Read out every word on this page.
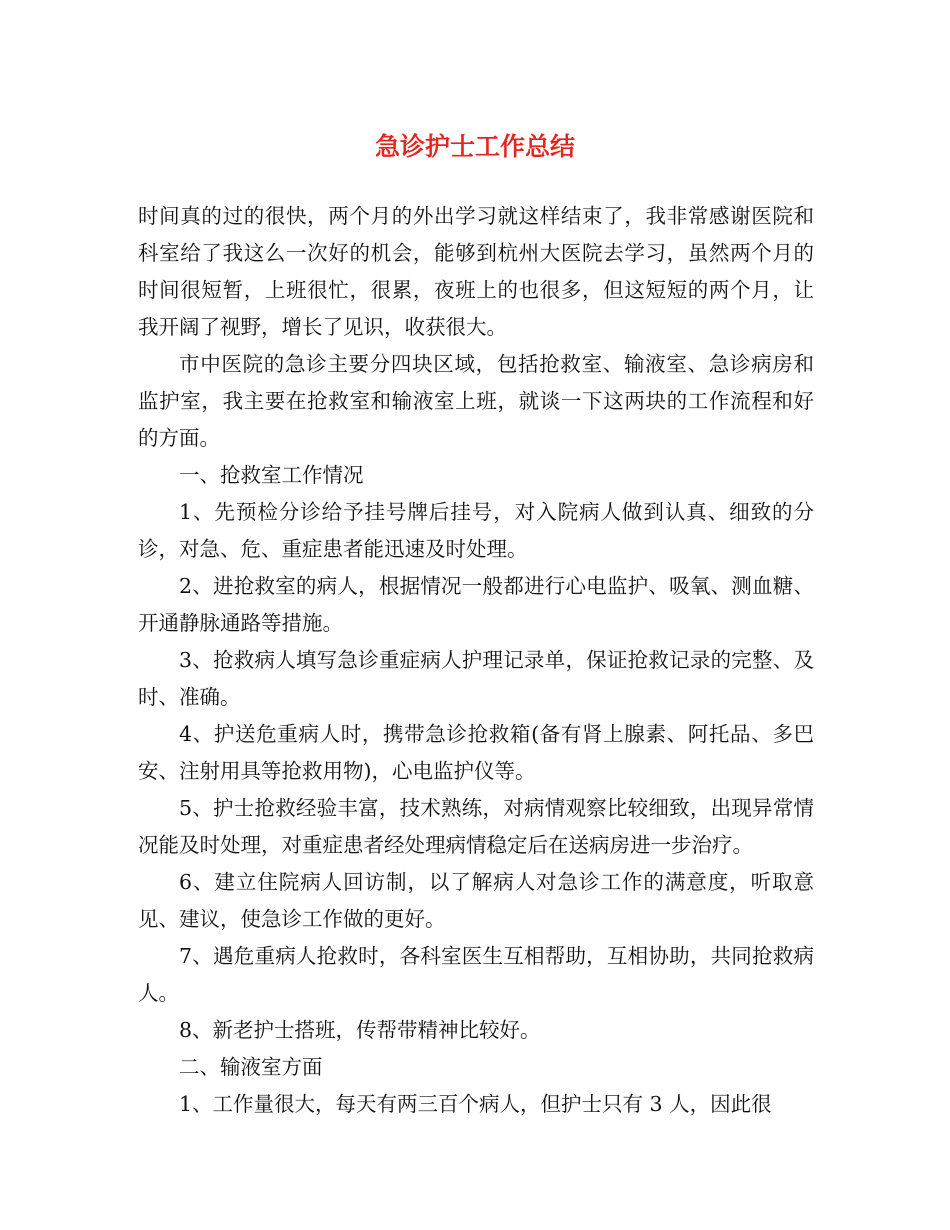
急诊护士工作总结

时间真的过的很快，两个月的外出学习就这样结束了，我非常感谢医院和科室给了我这么一次好的机会，能够到杭州大医院去学习，虽然两个月的时间很短暂，上班很忙，很累，夜班上的也很多，但这短短的两个月，让我开阔了视野，增长了见识，收获很大。

市中医院的急诊主要分四块区域，包括抢救室、输液室、急诊病房和监护室，我主要在抢救室和输液室上班，就谈一下这两块的工作流程和好的方面。

一、抢救室工作情况

1、先预检分诊给予挂号牌后挂号，对入院病人做到认真、细致的分诊，对急、危、重症患者能迅速及时处理。

2、进抢救室的病人，根据情况一般都进行心电监护、吸氧、测血糖、开通静脉通路等措施。

3、抢救病人填写急诊重症病人护理记录单，保证抢救记录的完整、及时、准确。

4、护送危重病人时，携带急诊抢救箱(备有肾上腺素、阿托品、多巴安、注射用具等抢救用物)，心电监护仪等。

5、护士抢救经验丰富，技术熟练，对病情观察比较细致，出现异常情况能及时处理，对重症患者经处理病情稳定后在送病房进一步治疗。

6、建立住院病人回访制，以了解病人对急诊工作的满意度，听取意见、建议，使急诊工作做的更好。

7、遇危重病人抢救时，各科室医生互相帮助，互相协助，共同抢救病人。

8、新老护士搭班，传帮带精神比较好。

二、输液室方面

1、工作量很大，每天有两三百个病人，但护士只有 3 人，因此很
